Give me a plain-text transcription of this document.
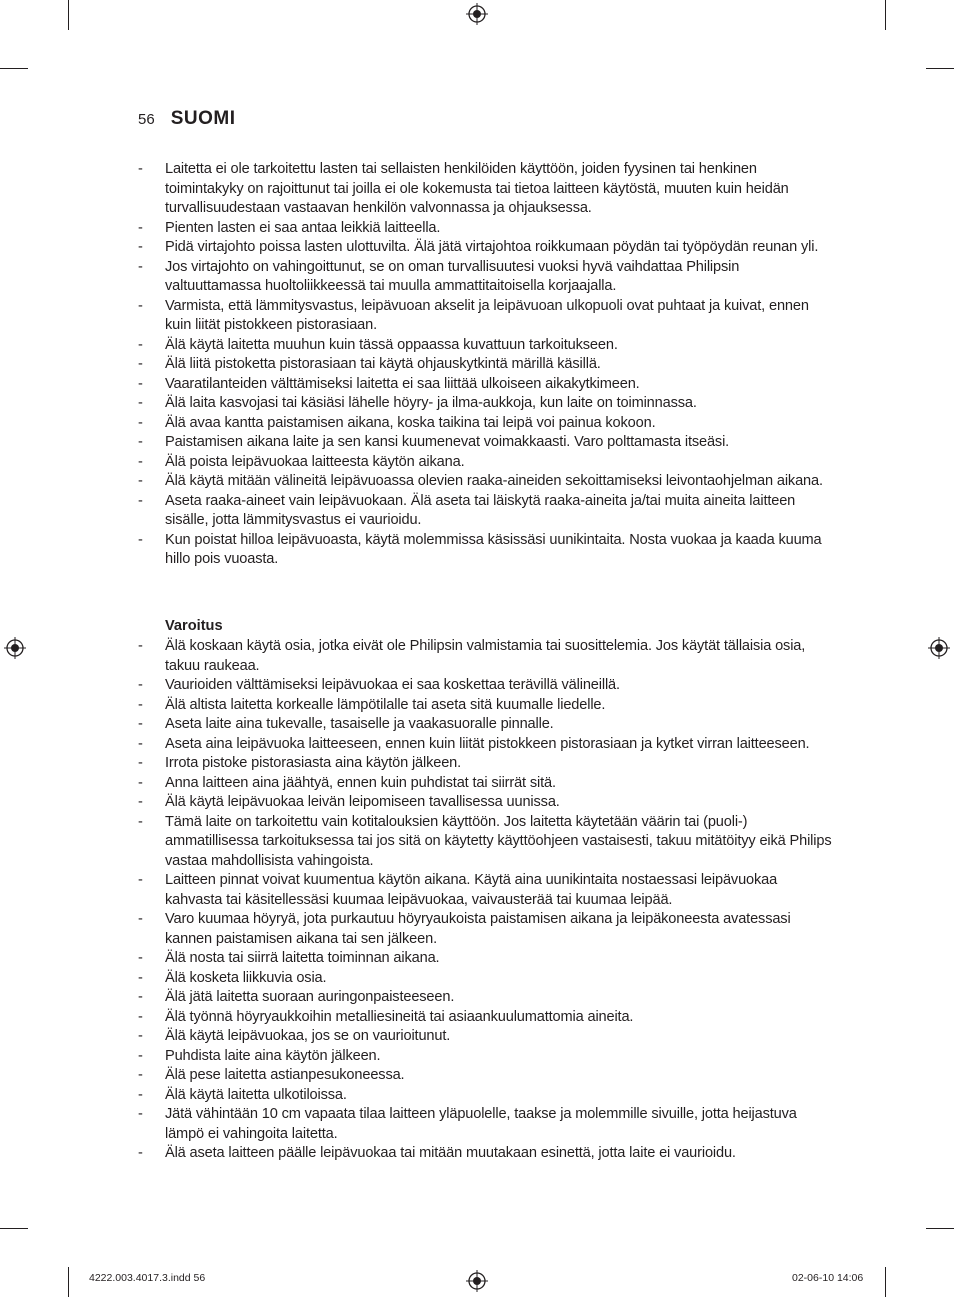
56 SUOMI
- Laitetta ei ole tarkoitettu lasten tai sellaisten henkilöiden käyttöön, joiden fyysinen tai henkinen toimintakyky on rajoittunut tai joilla ei ole kokemusta tai tietoa laitteen käytöstä, muuten kuin heidän turvallisuudestaan vastaavan henkilön valvonnassa ja ohjauksessa.
- Pienten lasten ei saa antaa leikkiä laitteella.
- Pidä virtajohto poissa lasten ulottuvilta. Älä jätä virtajohtoa roikkumaan pöydän tai työpöydän reunan yli.
- Jos virtajohto on vahingoittunut, se on oman turvallisuutesi vuoksi hyvä vaihdattaa Philipsin valtuuttamassa huoltoliikkeessä tai muulla ammattitaitoisella korjaajalla.
- Varmista, että lämmitysvastus, leipävuoan akselit ja leipävuoan ulkopuoli ovat puhtaat ja kuivat, ennen kuin liität pistokkeen pistorasiaan.
- Älä käytä laitetta muuhun kuin tässä oppaassa kuvattuun tarkoitukseen.
- Älä liitä pistoketta pistorasiaan tai käytä ohjauskytkintä märillä käsillä.
- Vaaratilanteiden välttämiseksi laitetta ei saa liittää ulkoiseen aikakytkimeen.
- Älä laita kasvojasi tai käsiäsi lähelle höyry- ja ilma-aukkoja, kun laite on toiminnassa.
- Älä avaa kantta paistamisen aikana, koska taikina tai leipä voi painua kokoon.
- Paistamisen aikana laite ja sen kansi kuumenevat voimakkaasti. Varo polttamasta itseäsi.
- Älä poista leipävuokaa laitteesta käytön aikana.
- Älä käytä mitään välineitä leipävuoassa olevien raaka-aineiden sekoittamiseksi leivontaohjelman aikana.
- Aseta raaka-aineet vain leipävuokaan. Älä aseta tai läiskytä raaka-aineita ja/tai muita aineita laitteen sisälle, jotta lämmitysvastus ei vaurioidu.
- Kun poistat hilloa leipävuoasta, käytä molemmissa käsissäsi uunikintaita. Nosta vuokaa ja kaada kuuma hillo pois vuoasta.
Varoitus
- Älä koskaan käytä osia, jotka eivät ole Philipsin valmistamia tai suosittelemia. Jos käytät tällaisia osia, takuu raukeaa.
- Vaurioiden välttämiseksi leipävuokaa ei saa koskettaa terävillä välineillä.
- Älä altista laitetta korkealle lämpötilalle tai aseta sitä kuumalle liedelle.
- Aseta laite aina tukevalle, tasaiselle ja vaakasuoralle pinnalle.
- Aseta aina leipävuoka laitteeseen, ennen kuin liität pistokkeen pistorasiaan ja kytket virran laitteeseen.
- Irrota pistoke pistorasiasta aina käytön jälkeen.
- Anna laitteen aina jäähtyä, ennen kuin puhdistat tai siirrät sitä.
- Älä käytä leipävuokaa leivän leipomiseen tavallisessa uunissa.
- Tämä laite on tarkoitettu vain kotitalouksien käyttöön. Jos laitetta käytetään väärin tai (puoli-) ammatillisessa tarkoituksessa tai jos sitä on käytetty käyttöohjeen vastaisesti, takuu mitätöityy eikä Philips vastaa mahdollisista vahingoista.
- Laitteen pinnat voivat kuumentua käytön aikana. Käytä aina uunikintaita nostaessasi leipävuokaa kahvasta tai käsitellessäsi kuumaa leipävuokaa, vaivausterää tai kuumaa leipää.
- Varo kuumaa höyryä, jota purkautuu höyryaukoista paistamisen aikana ja leipäkoneesta avatessasi kannen paistamisen aikana tai sen jälkeen.
- Älä nosta tai siirrä laitetta toiminnan aikana.
- Älä kosketa liikkuvia osia.
- Älä jätä laitetta suoraan auringonpaisteeseen.
- Älä työnnä höyryaukkoihin metalliesineitä tai asiaankuulumattomia aineita.
- Älä käytä leipävuokaa, jos se on vaurioitunut.
- Puhdista laite aina käytön jälkeen.
- Älä pese laitetta astianpesukoneessa.
- Älä käytä laitetta ulkotiloissa.
- Jätä vähintään 10 cm vapaata tilaa laitteen yläpuolelle, taakse ja molemmille sivuille, jotta heijastuva lämpö ei vahingoita laitetta.
- Älä aseta laitteen päälle leipävuokaa tai mitään muutakaan esinettä, jotta laite ei vaurioidu.
4222.003.4017.3.indd 56	02-06-10 14:06
